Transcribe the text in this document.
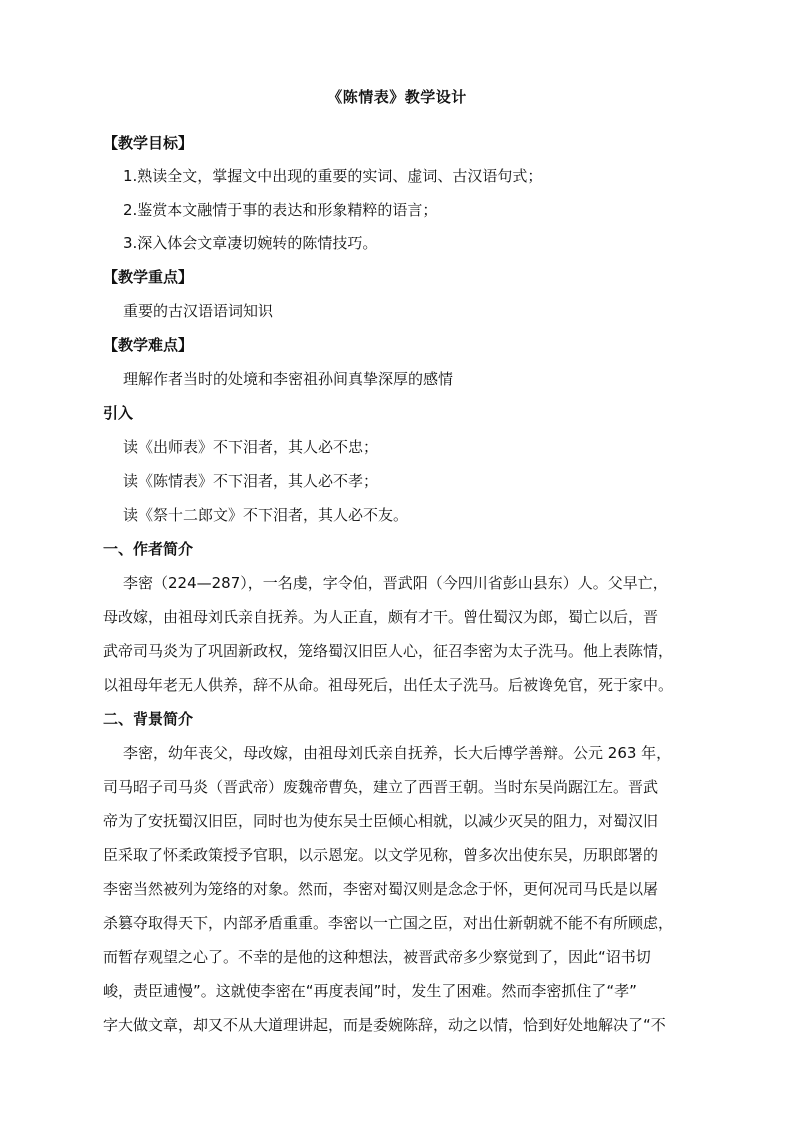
《陈情表》教学设计
【教学目标】
1.熟读全文，掌握文中出现的重要的实词、虚词、古汉语句式；
2.鉴赏本文融情于事的表达和形象精粹的语言；
3.深入体会文章凄切婉转的陈情技巧。
【教学重点】
重要的古汉语语词知识
【教学难点】
理解作者当时的处境和李密祖孙间真挚深厚的感情
引入
读《出师表》不下泪者，其人必不忠；
读《陈情表》不下泪者，其人必不孝；
读《祭十二郎文》不下泪者，其人必不友。
一、作者简介
李密（224—287），一名虔，字令伯，晋武阳（今四川省彭山县东）人。父早亡，
母改嫁，由祖母刘氏亲自抚养。为人正直，颇有才干。曾仕蜀汉为郎，蜀亡以后，晋
武帝司马炎为了巩固新政权，笼络蜀汉旧臣人心，征召李密为太子洗马。他上表陈情，
以祖母年老无人供养，辞不从命。祖母死后，出任太子洗马。后被谗免官，死于家中。
二、背景简介
李密，幼年丧父，母改嫁，由祖母刘氏亲自抚养，长大后博学善辩。公元 263 年，
司马昭子司马炎（晋武帝）废魏帝曹奂，建立了西晋王朝。当时东吴尚踞江左。晋武
帝为了安抚蜀汉旧臣，同时也为使东吴士臣倾心相就，以减少灭吴的阻力，对蜀汉旧
臣采取了怀柔政策授予官职，以示恩宠。以文学见称，曾多次出使东吴，历职郎署的
李密当然被列为笼络的对象。然而，李密对蜀汉则是念念于怀，更何况司马氏是以屠
杀篡夺取得天下，内部矛盾重重。李密以一亡国之臣，对出仕新朝就不能不有所顾虑，
而暂存观望之心了。不幸的是他的这种想法，被晋武帝多少察觉到了，因此“诏书切
峻，责臣逋慢”。这就使李密在“再度表闻”时，发生了困难。然而李密抓住了“孝”
字大做文章，却又不从大道理讲起，而是委婉陈辞，动之以情，恰到好处地解决了“不
